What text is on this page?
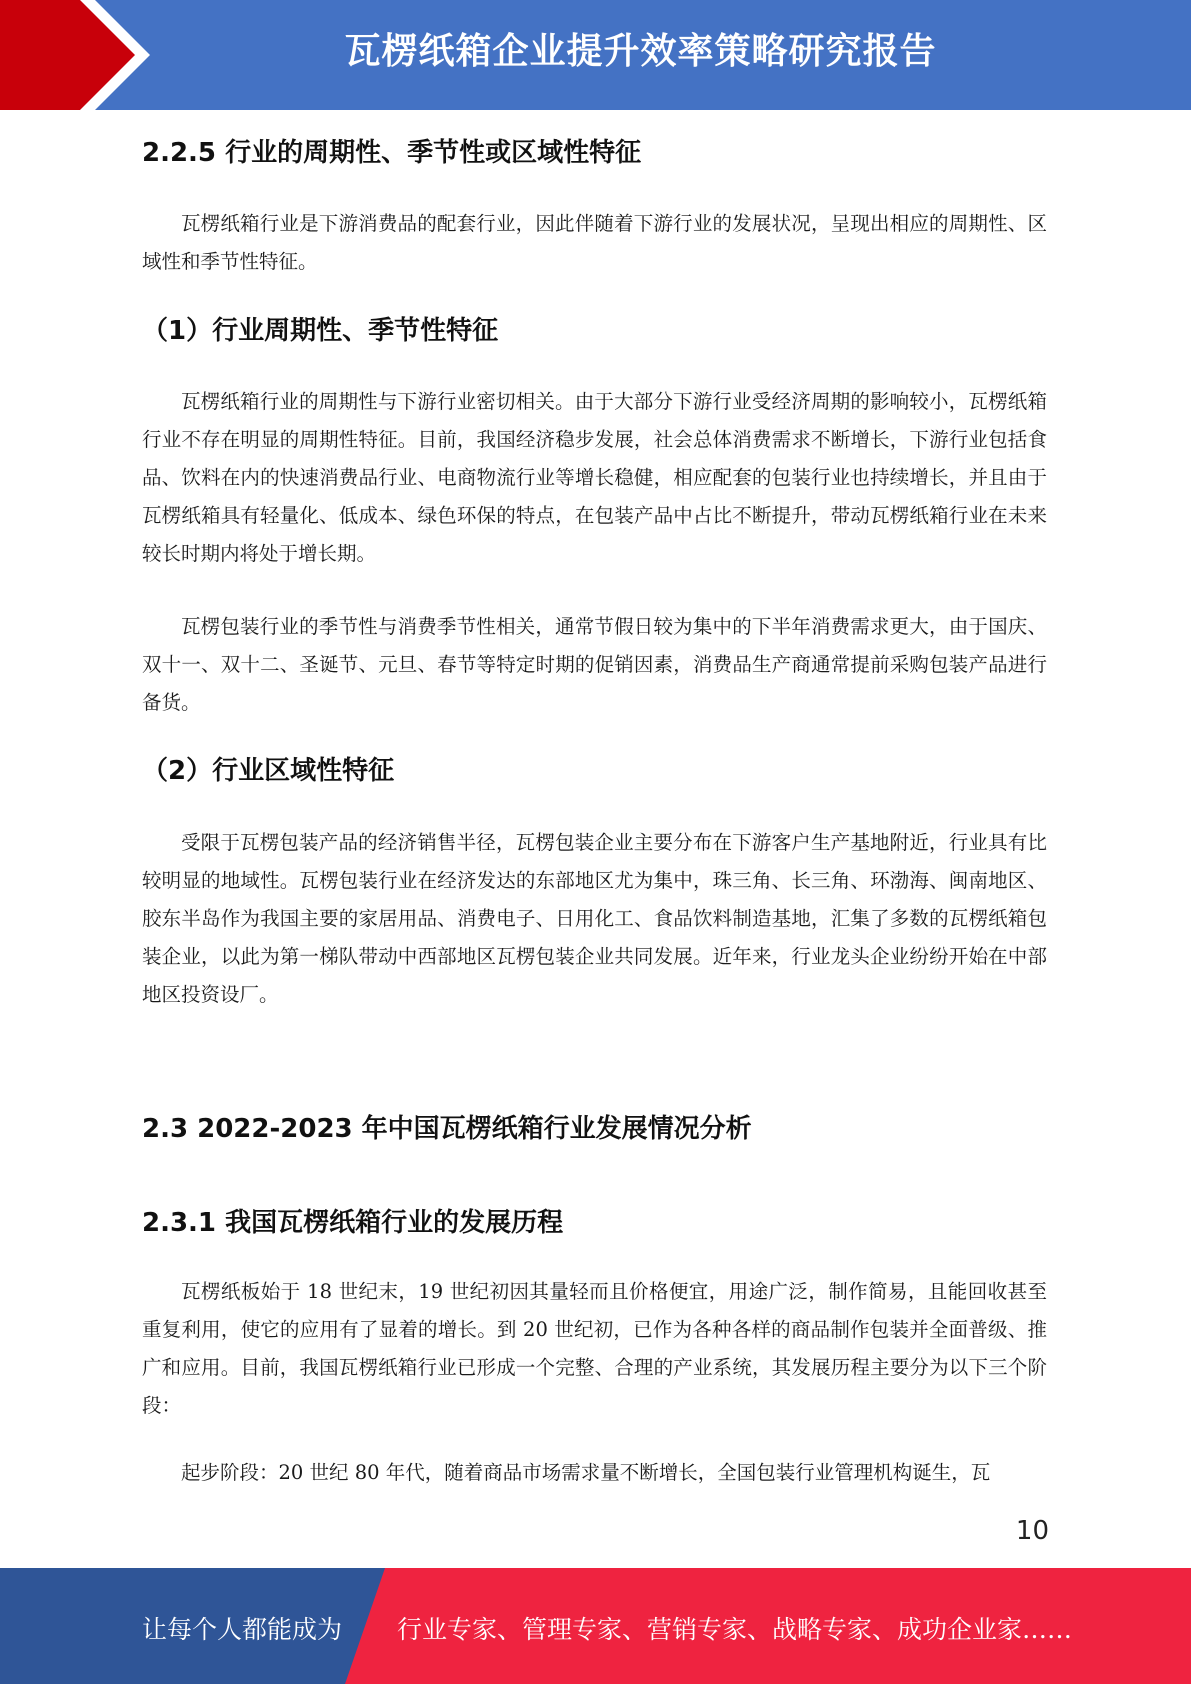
瓦楞纸箱企业提升效率策略研究报告
2.2.5 行业的周期性、季节性或区域性特征

瓦楞纸箱行业是下游消费品的配套行业，因此伴随着下游行业的发展状况，呈现出相应的周期性、区域性和季节性特征。

（1）行业周期性、季节性特征

瓦楞纸箱行业的周期性与下游行业密切相关。由于大部分下游行业受经济周期的影响较小，瓦楞纸箱行业不存在明显的周期性特征。目前，我国经济稳步发展，社会总体消费需求不断增长，下游行业包括食品、饮料在内的快速消费品行业、电商物流行业等增长稳健，相应配套的包装行业也持续增长，并且由于瓦楞纸箱具有轻量化、低成本、绿色环保的特点，在包装产品中占比不断提升，带动瓦楞纸箱行业在未来较长时期内将处于增长期。

瓦楞包装行业的季节性与消费季节性相关，通常节假日较为集中的下半年消费需求更大，由于国庆、双十一、双十二、圣诞节、元旦、春节等特定时期的促销因素，消费品生产商通常提前采购包装产品进行备货。

（2）行业区域性特征

受限于瓦楞包装产品的经济销售半径，瓦楞包装企业主要分布在下游客户生产基地附近，行业具有比较明显的地域性。瓦楞包装行业在经济发达的东部地区尤为集中，珠三角、长三角、环渤海、闽南地区、胶东半岛作为我国主要的家居用品、消费电子、日用化工、食品饮料制造基地，汇集了多数的瓦楞纸箱包装企业，以此为第一梯队带动中西部地区瓦楞包装企业共同发展。近年来，行业龙头企业纷纷开始在中部地区投资设厂。

2.3 2022-2023 年中国瓦楞纸箱行业发展情况分析
2.3.1 我国瓦楞纸箱行业的发展历程

瓦楞纸板始于 18 世纪末，19 世纪初因其量轻而且价格便宜，用途广泛，制作简易，且能回收甚至重复利用，使它的应用有了显着的增长。到 20 世纪初，已作为各种各样的商品制作包装并全面普级、推广和应用。目前，我国瓦楞纸箱行业已形成一个完整、合理的产业系统，其发展历程主要分为以下三个阶段：

起步阶段：20 世纪 80 年代，随着商品市场需求量不断增长，全国包装行业管理机构诞生，瓦

10
让每个人都能成为 行业专家、管理专家、营销专家、战略专家、成功企业家……
